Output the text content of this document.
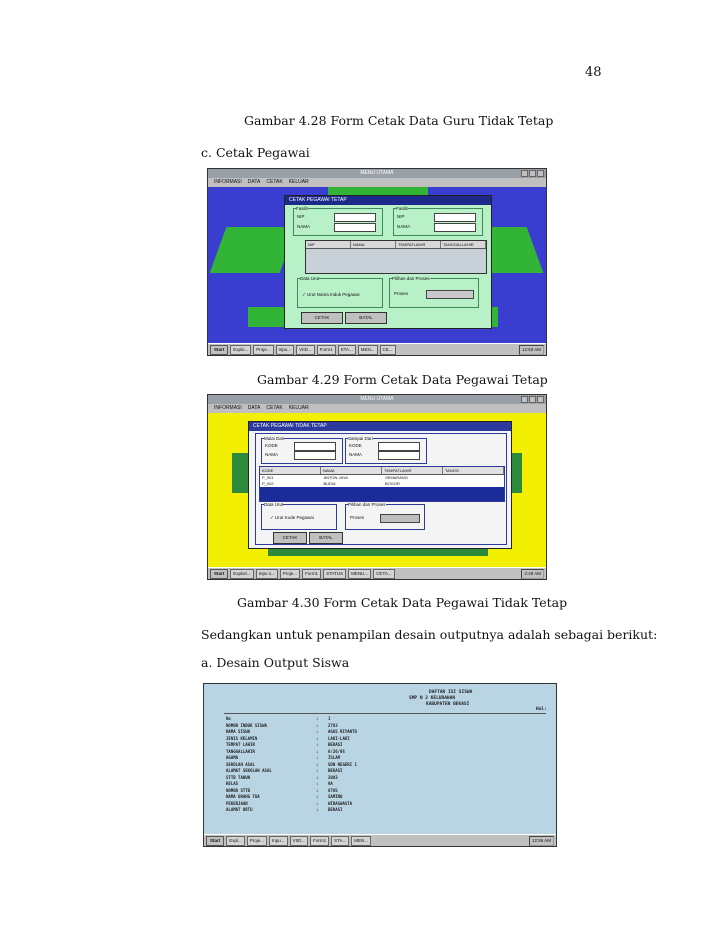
48
Gambar 4.28 Form Cetak Data Guru Tidak Tetap
c. Cetak Pegawai
MENU UTAMA
INFORMASI DATA CETAK KELUAR
CETAK PEGAWAI TETAP
Fasilit
NIP
NAMA
Fasilit
NIP
NAMA
NIP	NAMA	TEMPATLAHIR	TANGGALLAHIR
Data Urut
✓ Urut Nama Induk Pegawai
Pilihan dan Proses
Proses
CETAK	BATAL
Start	Explo...	Proje...	Inpu...	VIID...	Form1	STA...	MEN...	CE...	12:53 AM
Gambar 4.29 Form Cetak Data Pegawai Tetap
MENU UTAMA
INFORMASI DATA CETAK KELUAR
CETAK PEGAWAI TIDAK TETAP
Mulai Dari
KODE
NAMA
Sampai Dari
KODE
NAMA
KODE	NAMA	TEMPATLAHIR	TANGG
P_001	ANTON JAYA	SEMARANG
P_002	BUDIA	BOGOR
Data Urut
✓ Urut Kode Pegawai
Pilihan dan Proses
Proses
CETAK	BATAL
Start	Explori...	Inpu s...	Proje...	Form1	STATUS	MENU...	CETA...	2:49 AM
Gambar 4.30 Form Cetak Data Pegawai Tidak Tetap
Sedangkan untuk penampilan desain outputnya adalah sebagai berikut:
a. Desain Output Siswa
DAFTAR ISI SISWA
SMP N 2 KELURAHAN
KABUPATEN BEKASI
Hal:
No	: 1
NOMOR INDUK SISWA	: 2783
NAMA SISWA	: AGUS RIYANTO
JENIS KELAMIN	: LAKI-LAKI
TEMPAT LAHIR	: BEKASI
TANGGALLAHIR	: 6/26/95
AGAMA	: ISLAM
SEKOLAH ASAL	: SDN NEGERI 1
ALAMAT SEKOLAH ASAL	: BEKASI
STTB TAHUN	: 2003
KELAS	: 9A
NOMOR STTB	: 8765
NAMA ORANG TUA	: SAMINO
PEKERJAAN	: WIRASWASTA
ALAMAT ORTU	: BEKASI
Start	Expl...	Proje...	Inpu...	VIID...	Form1	STA...	MEN...	12:56 AM
